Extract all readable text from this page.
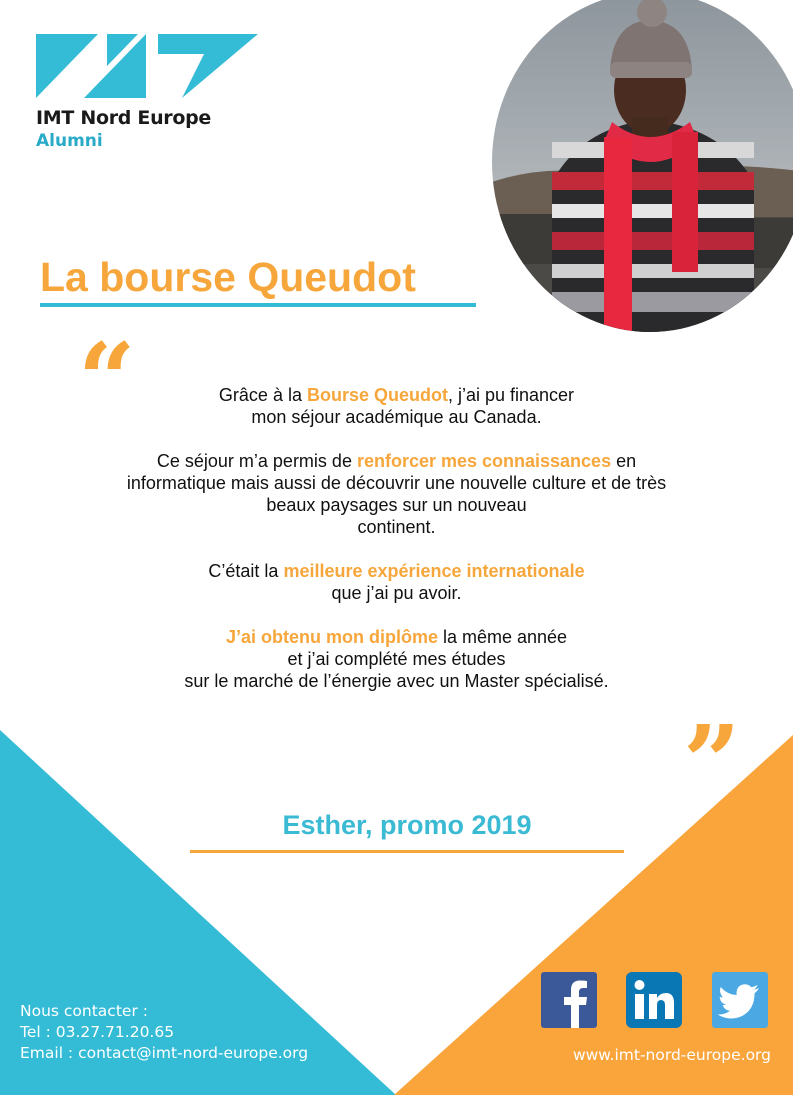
IMT Nord Europe
Alumni
La bourse Queudot
“
”

Grâce à la Bourse Queudot, j’ai pu financer
mon séjour académique au Canada.

Ce séjour m’a permis de renforcer mes connaissances en
informatique mais aussi de découvrir une nouvelle culture et de très
beaux paysages sur un nouveau
continent.

C’était la meilleure expérience internationale
que j’ai pu avoir.

J’ai obtenu mon diplôme la même année
et j’ai complété mes études
sur le marché de l’énergie avec un Master spécialisé.

Esther, promo 2019
Nous contacter :
Tel : 03.27.71.20.65
Email : contact@imt-nord-europe.org	www.imt-nord-europe.org
